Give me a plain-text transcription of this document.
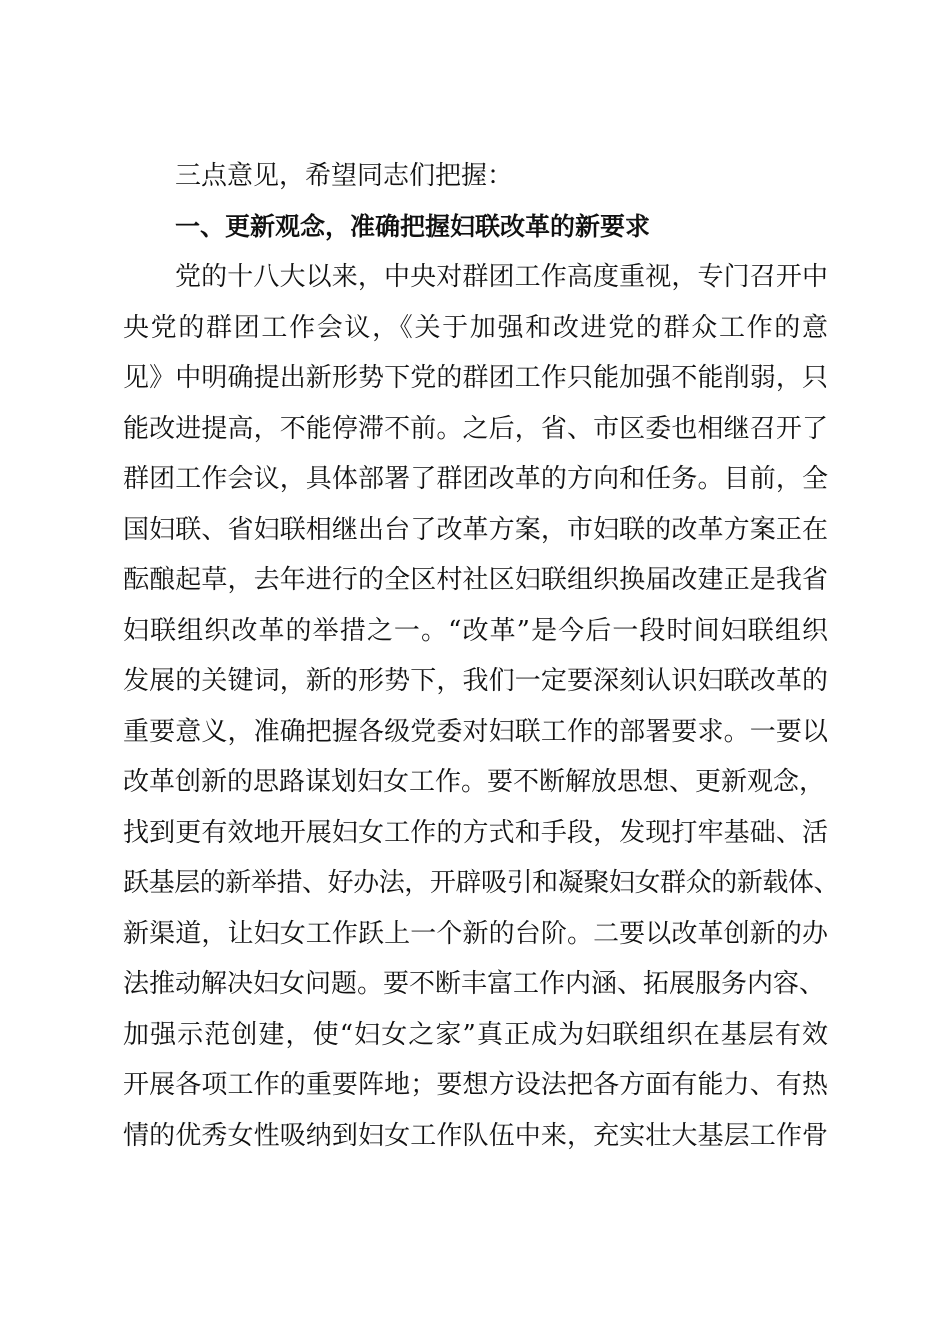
三点意见，希望同志们把握：
一、更新观念，准确把握妇联改革的新要求
党的十八大以来，中央对群团工作高度重视，专门召开中
央党的群团工作会议，《关于加强和改进党的群众工作的意
见》中明确提出新形势下党的群团工作只能加强不能削弱，只
能改进提高，不能停滞不前。之后，省、市区委也相继召开了
群团工作会议，具体部署了群团改革的方向和任务。目前，全
国妇联、省妇联相继出台了改革方案，市妇联的改革方案正在
酝酿起草，去年进行的全区村社区妇联组织换届改建正是我省
妇联组织改革的举措之一。“改革”是今后一段时间妇联组织
发展的关键词，新的形势下，我们一定要深刻认识妇联改革的
重要意义，准确把握各级党委对妇联工作的部署要求。一要以
改革创新的思路谋划妇女工作。要不断解放思想、更新观念，
找到更有效地开展妇女工作的方式和手段，发现打牢基础、活
跃基层的新举措、好办法，开辟吸引和凝聚妇女群众的新载体、
新渠道，让妇女工作跃上一个新的台阶。二要以改革创新的办
法推动解决妇女问题。要不断丰富工作内涵、拓展服务内容、
加强示范创建，使“妇女之家”真正成为妇联组织在基层有效
开展各项工作的重要阵地；要想方设法把各方面有能力、有热
情的优秀女性吸纳到妇女工作队伍中来，充实壮大基层工作骨
